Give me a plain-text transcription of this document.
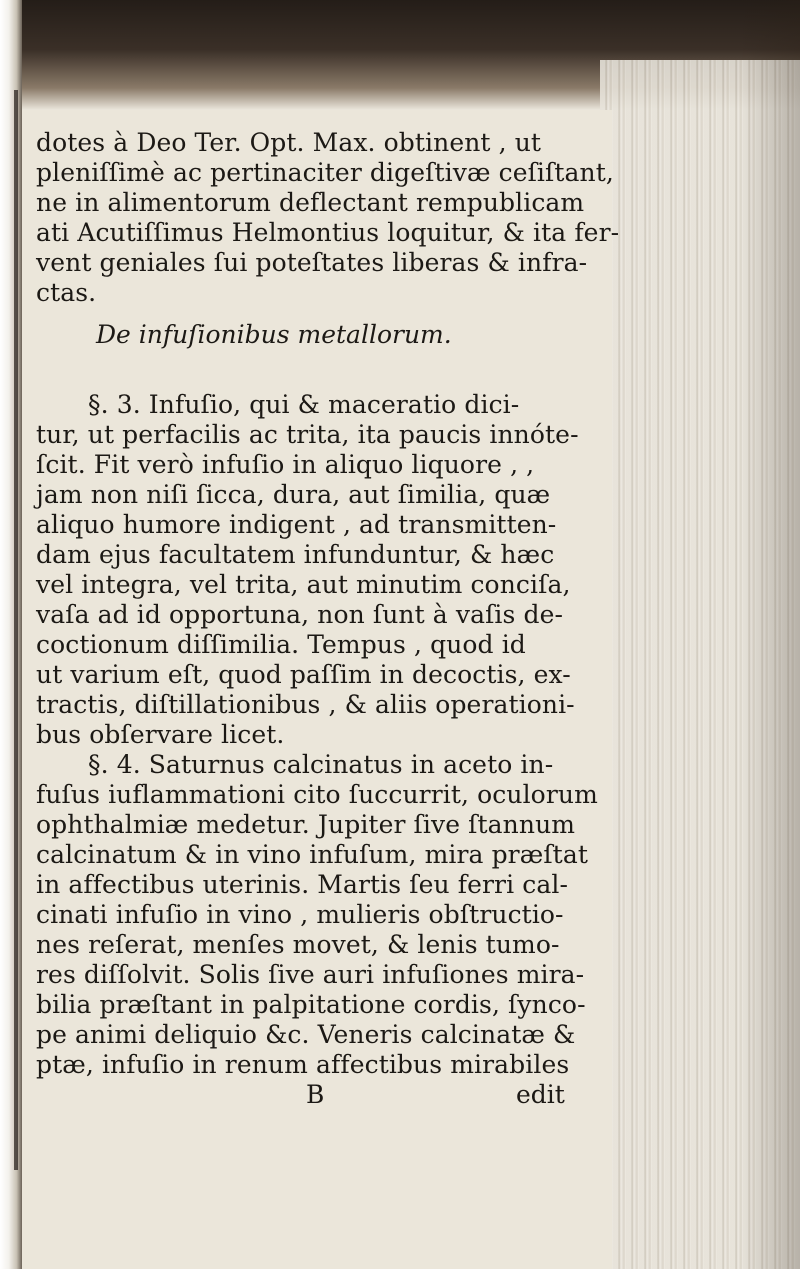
dotes à Deo Ter. Opt. Max. obtinent , ut
pleniſſimè ac pertinaciter digeſtivæ ceſiſtant,
ne in alimentorum deflectant rempublicam
ati Acutiſſimus Helmontius loquitur, & ita fer-
vent geniales ſui poteſtates liberas & infra-
ctas.
De infuſionibus metallorum.
§. 3. Infuſio, qui & maceratio dici-
tur, ut perfacilis ac trita, ita paucis innóte-
ſcit. Fit verò infuſio in aliquo liquore , ,
jam non niſi ſicca, dura, aut ſimilia, quæ
aliquo humore indigent , ad transmitten-
dam ejus facultatem infunduntur, & hæc
vel integra, vel trita, aut minutim conciſa,
vaſa ad id opportuna, non ſunt à vaſis de-
coctionum diſſimilia. Tempus , quod id
ut varium eſt, quod paſſim in decoctis, ex-
tractis, diſtillationibus , & aliis operationi-
bus obſervare licet.
§. 4. Saturnus calcinatus in aceto in-
fuſus iuflammationi cito ſuccurrit, oculorum
ophthalmiæ medetur. Jupiter ſive ſtannum
calcinatum & in vino infuſum, mira præſtat
in affectibus uterinis. Martis ſeu ferri cal-
cinati infuſio in vino , mulieris obſtructio-
nes reſerat, menſes movet, & lenis tumo-
res diſſolvit. Solis ſive auri infuſiones mira-
bilia præſtant in palpitatione cordis, ſynco-
pe animi deliquio &c. Veneris calcinatæ &
ptæ, infuſio in renum affectibus mirabiles
B	edit
